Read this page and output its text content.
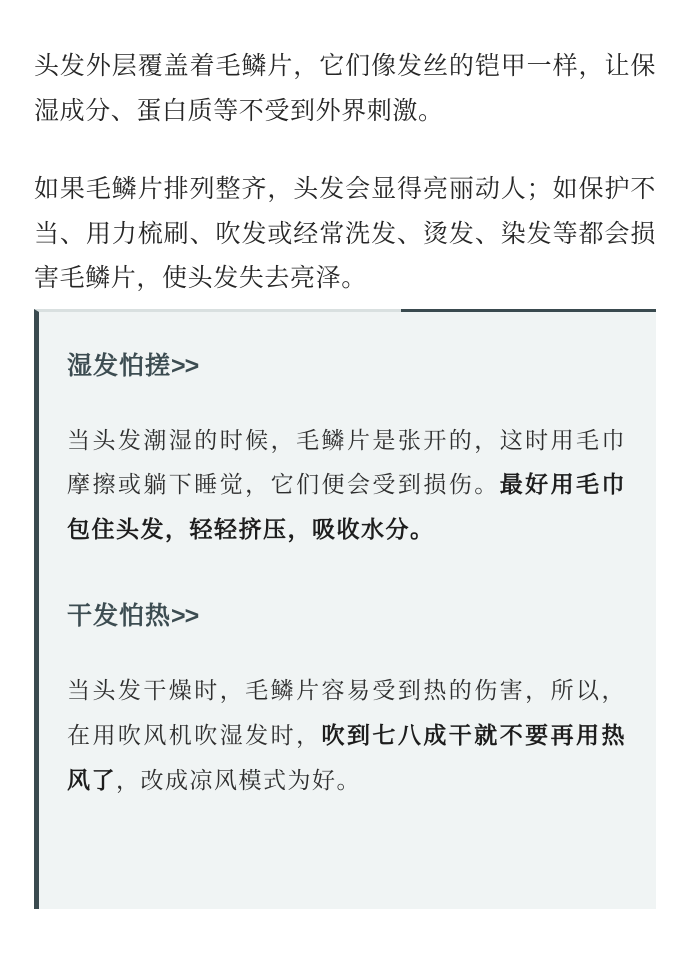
头发外层覆盖着毛鳞片，它们像发丝的铠甲一样，让保湿成分、蛋白质等不受到外界刺激。

如果毛鳞片排列整齐，头发会显得亮丽动人；如保护不当、用力梳刷、吹发或经常洗发、烫发、染发等都会损害毛鳞片，使头发失去亮泽。

湿发怕搓>>

当头发潮湿的时候，毛鳞片是张开的，这时用毛巾摩擦或躺下睡觉，它们便会受到损伤。最好用毛巾包住头发，轻轻挤压，吸收水分。

干发怕热>>

当头发干燥时，毛鳞片容易受到热的伤害，所以，在用吹风机吹湿发时，吹到七八成干就不要再用热风了，改成凉风模式为好。
